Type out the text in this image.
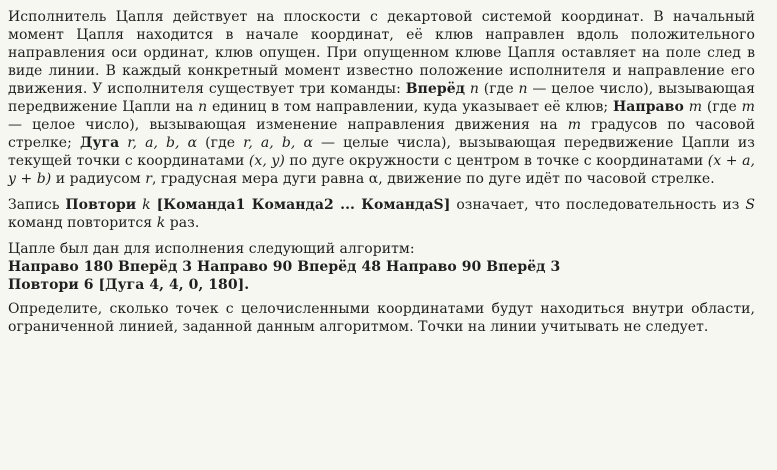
Исполнитель Цапля действует на плоскости с декартовой системой координат. В начальный момент Цапля находится в начале координат, её клюв направлен вдоль положительного направления оси ординат, клюв опущен. При опущенном клюве Цапля оставляет на поле след в виде линии. В каждый конкретный момент известно положение исполнителя и направление его движения. У исполнителя существует три команды: Вперёд n (где n — целое число), вызывающая передвижение Цапли на n единиц в том направлении, куда указывает её клюв; Направо m (где m — целое число), вызывающая изменение направления движения на m градусов по часовой стрелке; Дуга r, a, b, α (где r, a, b, α — целые числа), вызывающая передвижение Цапли из текущей точки с координатами (x, y) по дуге окружности с центром в точке с координатами (x + a, y + b) и радиусом r, градусная мера дуги равна α, движение по дуге идёт по часовой стрелке.

Запись Повтори k [Команда1 Команда2 ... КомандаS] означает, что последовательность из S команд повторится k раз.

Цапле был дан для исполнения следующий алгоритм:

Направо 180 Вперёд 3 Направо 90 Вперёд 48 Направо 90 Вперёд 3
Повтори 6 [Дуга 4, 4, 0, 180].

Определите, сколько точек с целочисленными координатами будут находиться внутри области, ограниченной линией, заданной данным алгоритмом. Точки на линии учитывать не следует.
